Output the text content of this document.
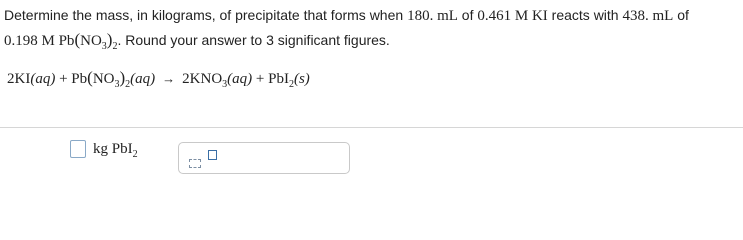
Determine the mass, in kilograms, of precipitate that forms when 180. mL of 0.461 M KI reacts with 438. mL of
0.198 M $Pb(NO_3)_2$. Round your answer to 3 significant figures.
$2KI(aq) + Pb(NO_3)_2(aq) \to 2KNO_3(aq) + PbI_2(s)$
kg PbI$_2$
